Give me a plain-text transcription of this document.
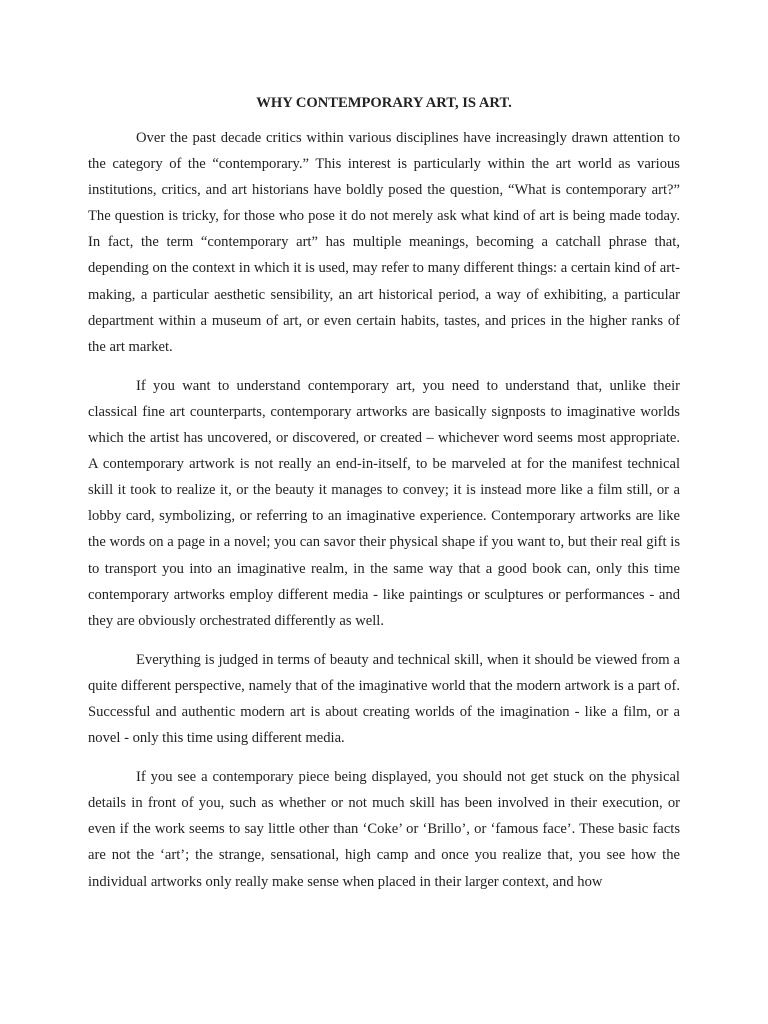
WHY CONTEMPORARY ART, IS ART.

Over the past decade critics within various disciplines have increasingly drawn attention to the category of the “contemporary.” This interest is particularly within the art world as various institutions, critics, and art historians have boldly posed the question, “What is contemporary art?” The question is tricky, for those who pose it do not merely ask what kind of art is being made today. In fact, the term “contemporary art” has multiple meanings, becoming a catchall phrase that, depending on the context in which it is used, may refer to many different things: a certain kind of art-making, a particular aesthetic sensibility, an art historical period, a way of exhibiting, a particular department within a museum of art, or even certain habits, tastes, and prices in the higher ranks of the art market.

If you want to understand contemporary art, you need to understand that, unlike their classical fine art counterparts, contemporary artworks are basically signposts to imaginative worlds which the artist has uncovered, or discovered, or created – whichever word seems most appropriate. A contemporary artwork is not really an end-in-itself, to be marveled at for the manifest technical skill it took to realize it, or the beauty it manages to convey; it is instead more like a film still, or a lobby card, symbolizing, or referring to an imaginative experience. Contemporary artworks are like the words on a page in a novel; you can savor their physical shape if you want to, but their real gift is to transport you into an imaginative realm, in the same way that a good book can, only this time contemporary artworks employ different media - like paintings or sculptures or performances - and they are obviously orchestrated differently as well.

Everything is judged in terms of beauty and technical skill, when it should be viewed from a quite different perspective, namely that of the imaginative world that the modern artwork is a part of. Successful and authentic modern art is about creating worlds of the imagination - like a film, or a novel - only this time using different media.

If you see a contemporary piece being displayed, you should not get stuck on the physical details in front of you, such as whether or not much skill has been involved in their execution, or even if the work seems to say little other than ‘Coke’ or ‘Brillo’, or ‘famous face’. These basic facts are not the ‘art’; the strange, sensational, high camp and once you realize that, you see how the individual artworks only really make sense when placed in their larger context, and how
